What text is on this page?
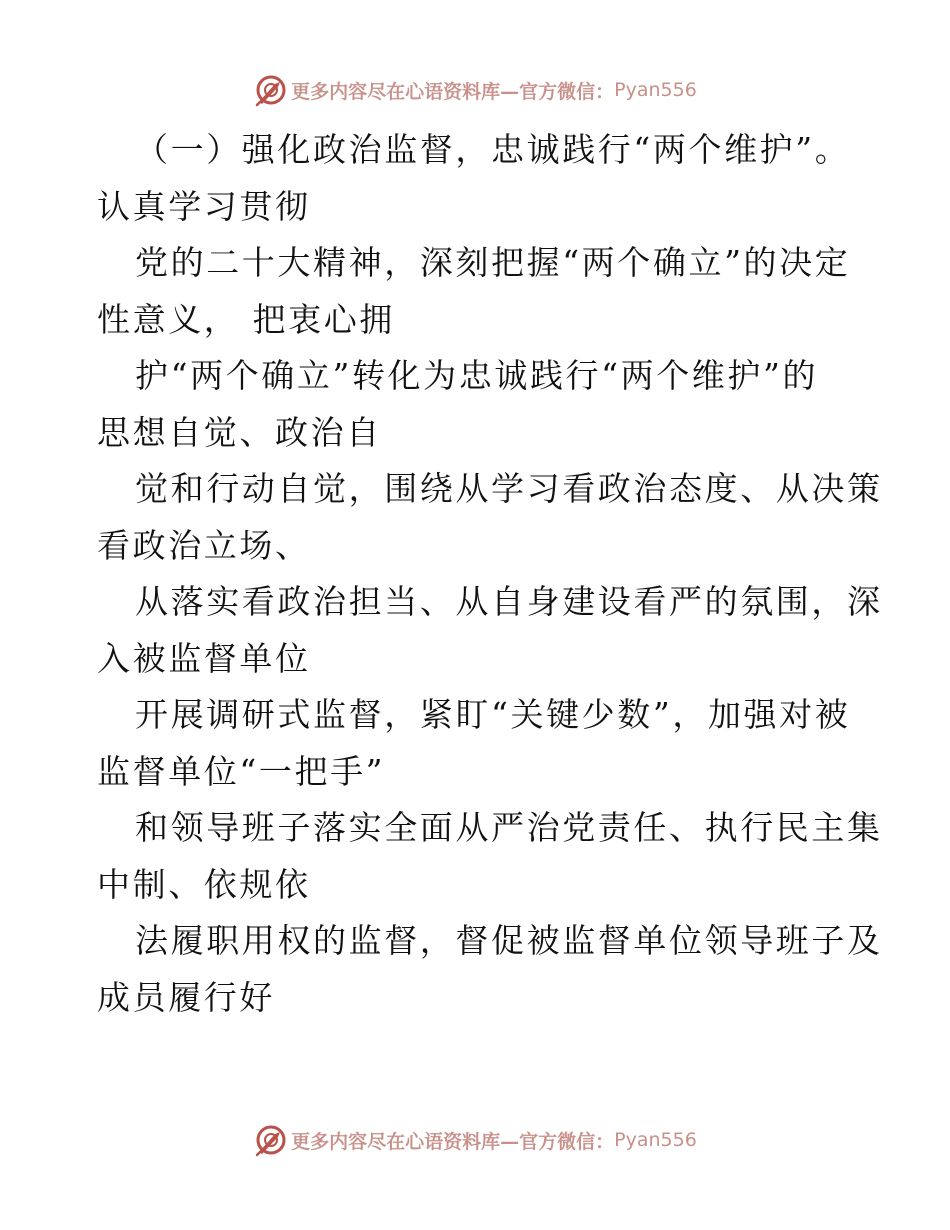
更多内容尽在心语资料库—官方微信： Pyan556

（一）强化政治监督，忠诚践行“两个维护”。
认真学习贯彻

党的二十大精神，深刻把握“两个确立”的决定
性意义， 把衷心拥

护“两个确立”转化为忠诚践行“两个维护”的
思想自觉、政治自

觉和行动自觉，围绕从学习看政治态度、从决策
看政治立场、

从落实看政治担当、从自身建设看严的氛围，深
入被监督单位

开展调研式监督，紧盯“关键少数”，加强对被
监督单位“一把手”

和领导班子落实全面从严治党责任、执行民主集
中制、依规依

法履职用权的监督，督促被监督单位领导班子及
成员履行好

更多内容尽在心语资料库—官方微信： Pyan556
